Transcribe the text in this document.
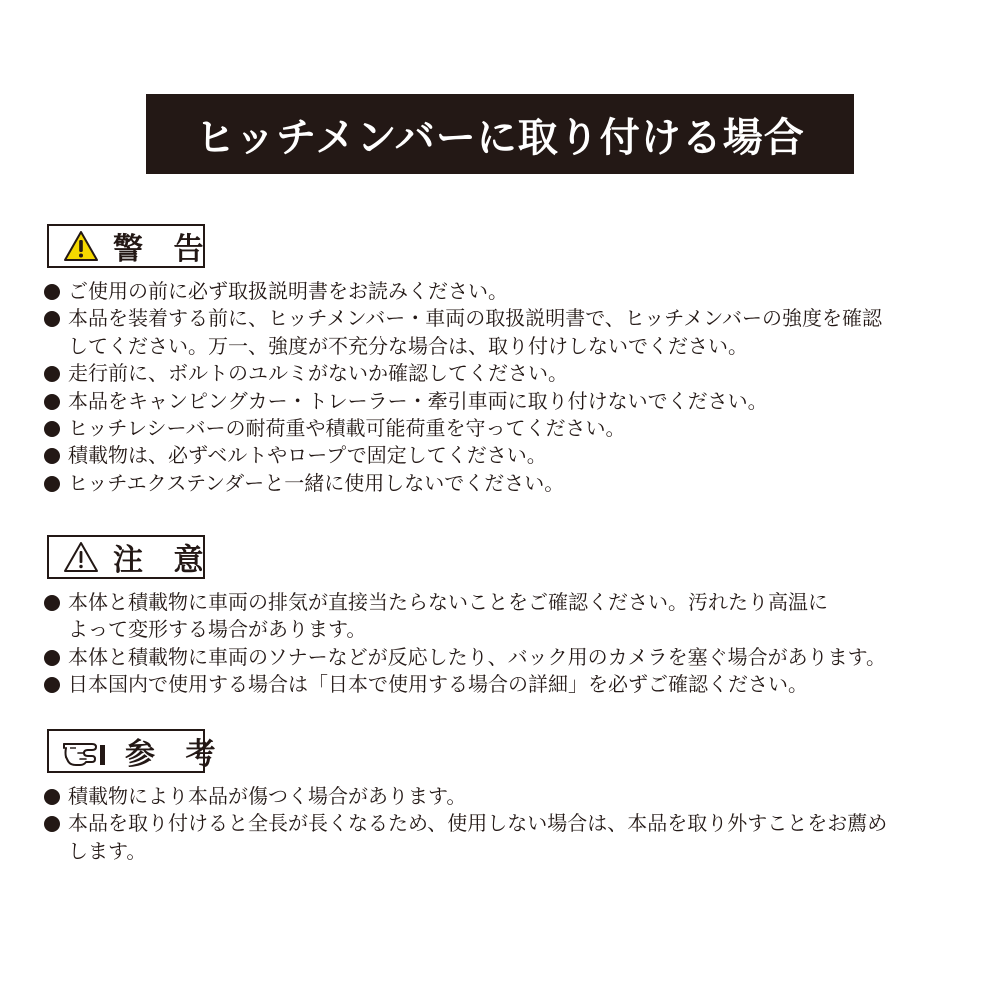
ヒッチメンバーに取り付ける場合
警 告
ご使用の前に必ず取扱説明書をお読みください。
本品を装着する前に、ヒッチメンバー・車両の取扱説明書で、ヒッチメンバーの強度を確認
してください。万一、強度が不充分な場合は、取り付けしないでください。
走行前に、ボルトのユルミがないか確認してください。
本品をキャンピングカー・トレーラー・牽引車両に取り付けないでください。
ヒッチレシーバーの耐荷重や積載可能荷重を守ってください。
積載物は、必ずベルトやロープで固定してください。
ヒッチエクステンダーと一緒に使用しないでください。
注 意
本体と積載物に車両の排気が直接当たらないことをご確認ください。汚れたり高温に
よって変形する場合があります。
本体と積載物に車両のソナーなどが反応したり、バック用のカメラを塞ぐ場合があります。
日本国内で使用する場合は「日本で使用する場合の詳細」を必ずご確認ください。
参 考
積載物により本品が傷つく場合があります。
本品を取り付けると全長が長くなるため、使用しない場合は、本品を取り外すことをお薦め
します。
